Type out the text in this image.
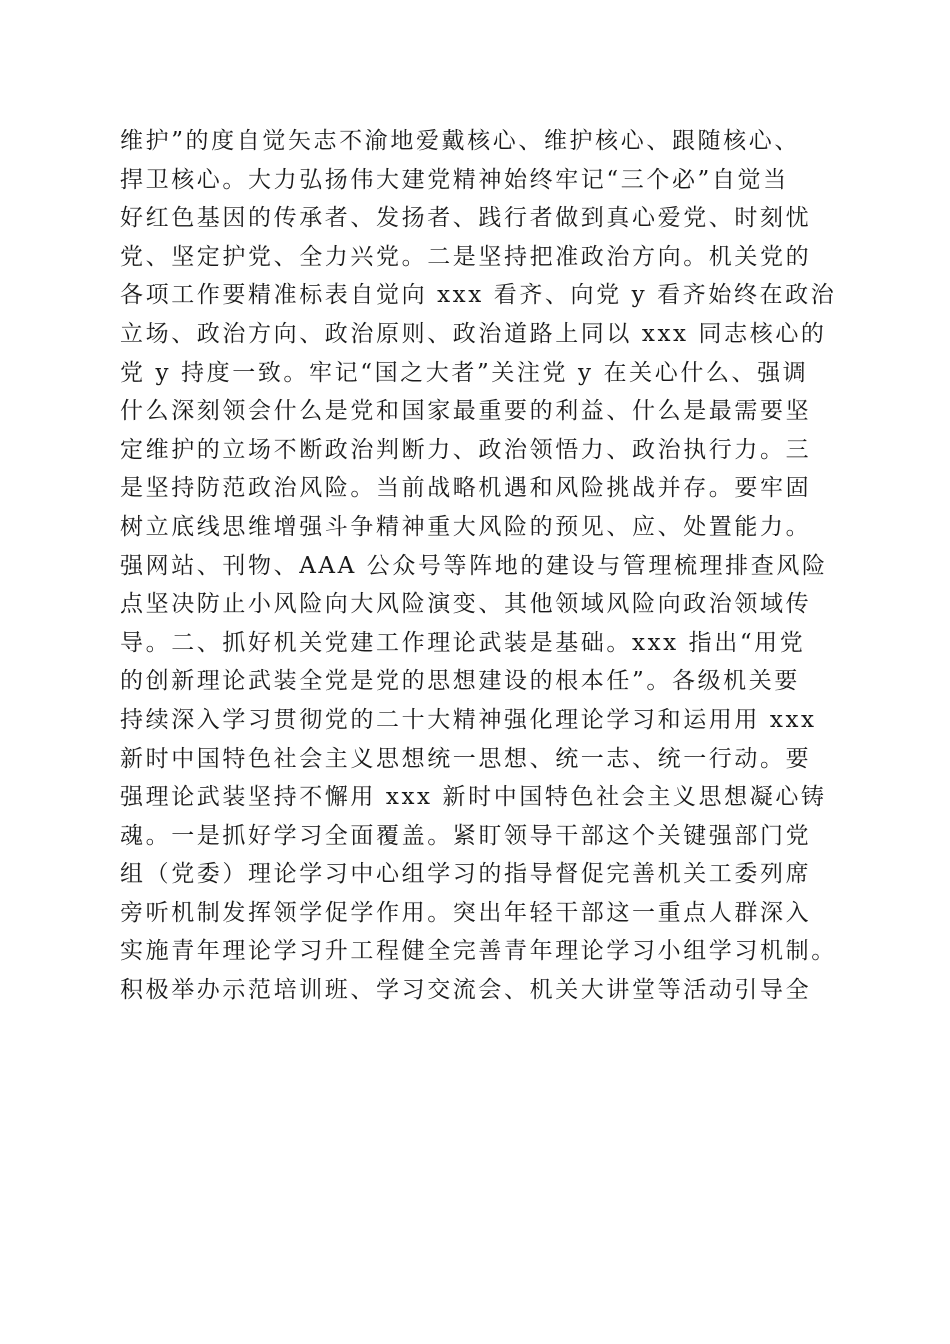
维护”的度自觉矢志不渝地爱戴核心、维护核心、跟随核心、
捍卫核心。大力弘扬伟大建党精神始终牢记“三个必”自觉当
好红色基因的传承者、发扬者、践行者做到真心爱党、时刻忧
党、坚定护党、全力兴党。二是坚持把准政治方向。机关党的
各项工作要精准标表自觉向 xxx 看齐、向党 y 看齐始终在政治
立场、政治方向、政治原则、政治道路上同以 xxx 同志核心的
党 y 持度一致。牢记“国之大者”关注党 y 在关心什么、强调
什么深刻领会什么是党和国家最重要的利益、什么是最需要坚
定维护的立场不断政治判断力、政治领悟力、政治执行力。三
是坚持防范政治风险。当前战略机遇和风险挑战并存。要牢固
树立底线思维增强斗争精神重大风险的预见、应、处置能力。
强网站、刊物、AAA 公众号等阵地的建设与管理梳理排查风险
点坚决防止小风险向大风险演变、其他领域风险向政治领域传
导。二、抓好机关党建工作理论武装是基础。xxx 指出“用党
的创新理论武装全党是党的思想建设的根本任”。各级机关要
持续深入学习贯彻党的二十大精神强化理论学习和运用用 xxx
新时中国特色社会主义思想统一思想、统一志、统一行动。要
强理论武装坚持不懈用 xxx 新时中国特色社会主义思想凝心铸
魂。一是抓好学习全面覆盖。紧盯领导干部这个关键强部门党
组（党委）理论学习中心组学习的指导督促完善机关工委列席
旁听机制发挥领学促学作用。突出年轻干部这一重点人群深入
实施青年理论学习升工程健全完善青年理论学习小组学习机制。
积极举办示范培训班、学习交流会、机关大讲堂等活动引导全
